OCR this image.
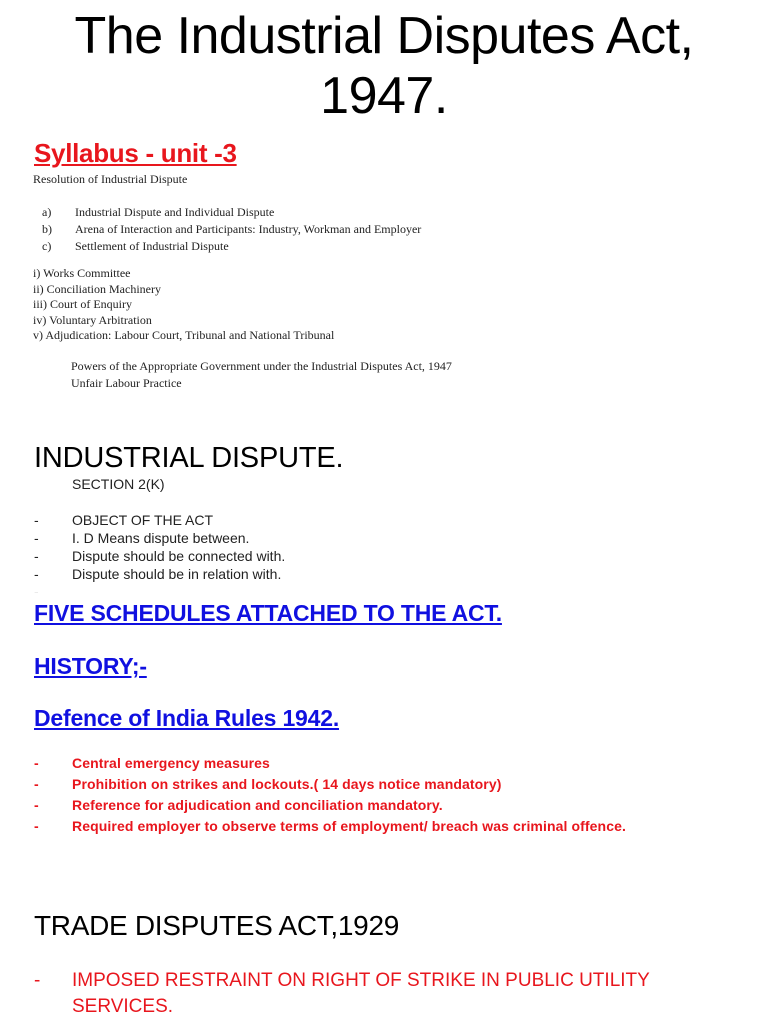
The Industrial Disputes Act,
1947.
Syllabus - unit -3
Resolution of Industrial Dispute
a)	Industrial Dispute and Individual Dispute
b)	Arena of Interaction and Participants: Industry, Workman and Employer
c)	Settlement of Industrial Dispute
i) Works Committee
ii) Conciliation Machinery
iii) Court of Enquiry
iv) Voluntary Arbitration
v) Adjudication: Labour Court, Tribunal and National Tribunal
Powers of the Appropriate Government under the Industrial Disputes Act, 1947
Unfair Labour Practice
INDUSTRIAL DISPUTE.
SECTION 2(K)
-	OBJECT OF THE ACT
-	I. D Means dispute between.
-	Dispute should be connected with.
-	Dispute should be in relation with.
-
FIVE SCHEDULES ATTACHED TO THE ACT.
HISTORY;-
Defence of India Rules 1942.
-	Central emergency measures
-	Prohibition on strikes and lockouts.( 14 days notice mandatory)
-	Reference for adjudication and conciliation mandatory.
-	Required employer to observe terms of employment/ breach was criminal offence.
TRADE DISPUTES ACT,1929
-	IMPOSED RESTRAINT ON RIGHT OF STRIKE IN PUBLIC UTILITY SERVICES.
